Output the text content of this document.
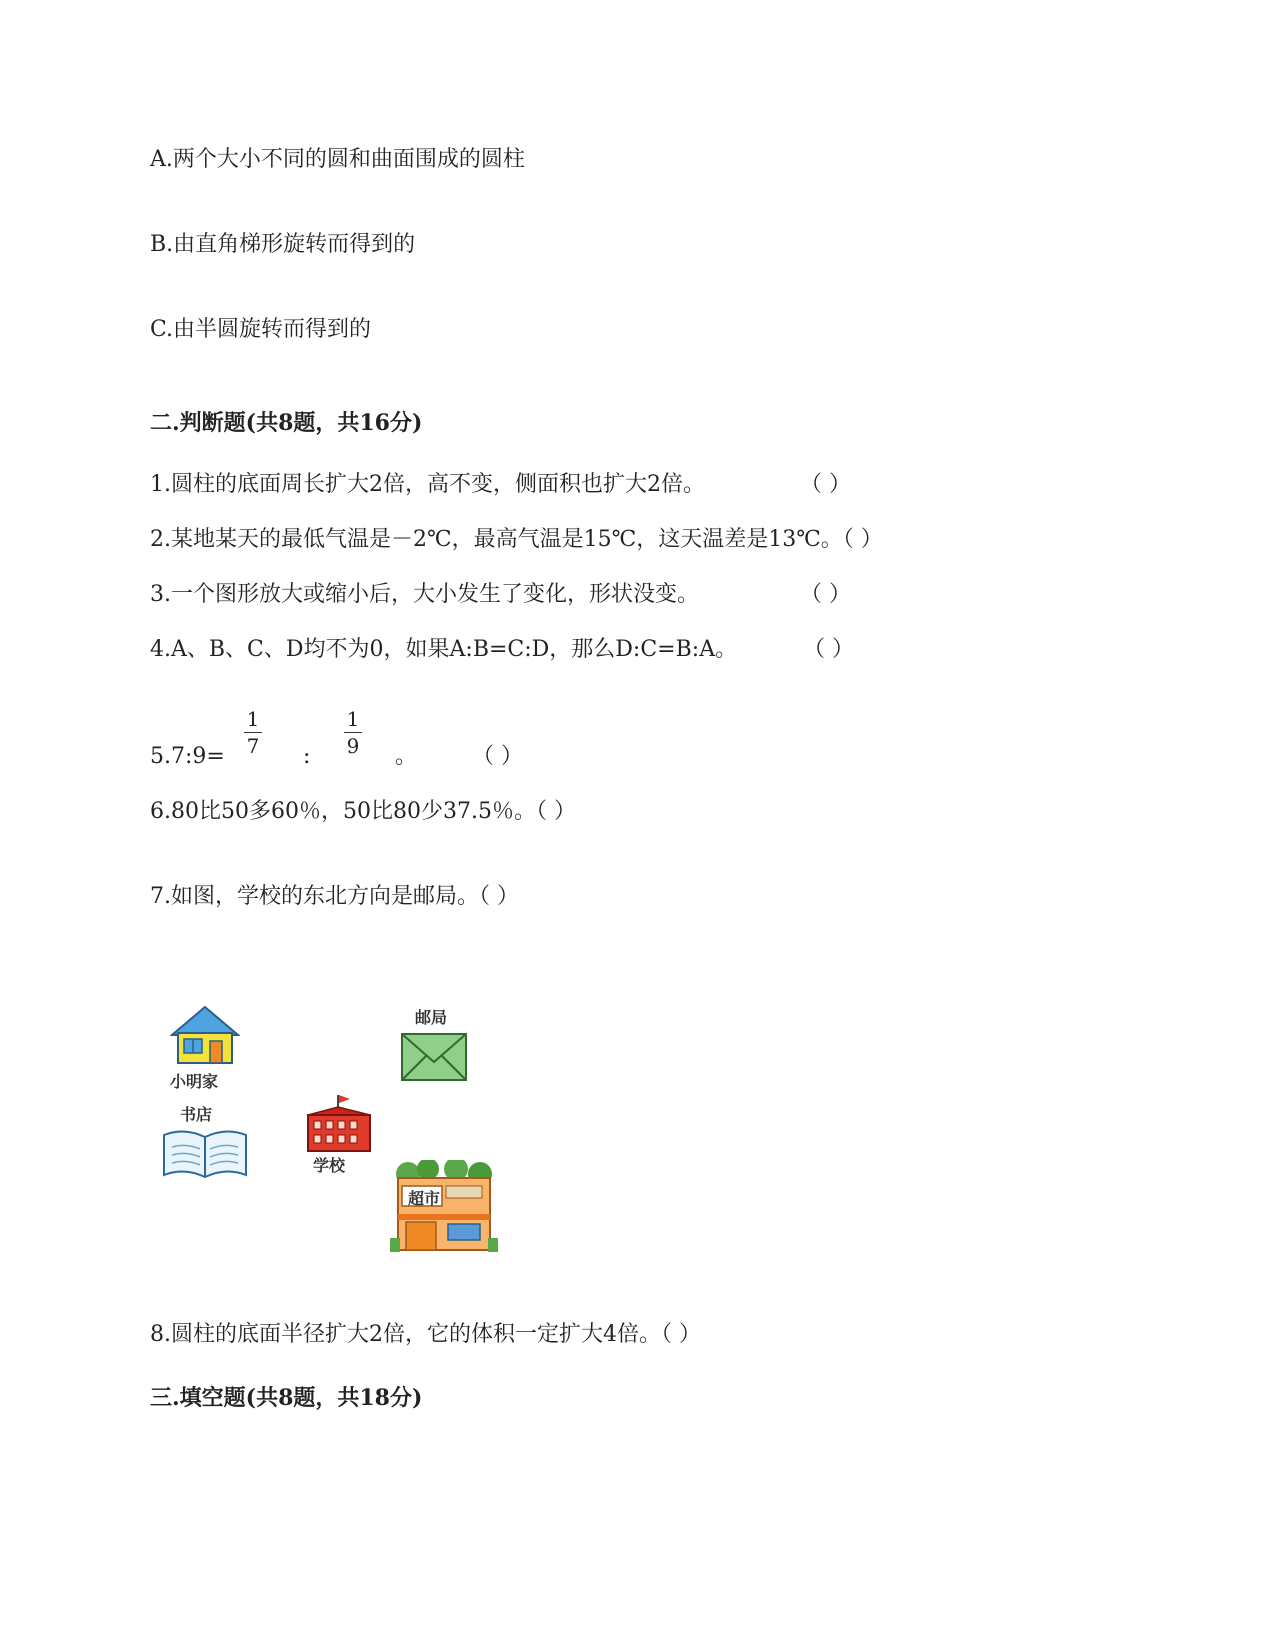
A.两个大小不同的圆和曲面围成的圆柱
B.由直角梯形旋转而得到的
C.由半圆旋转而得到的
二.判断题(共8题，共16分)
1.圆柱的底面周长扩大2倍，高不变，侧面积也扩大2倍。	（ ）
2.某地某天的最低气温是－2℃，最高气温是15℃，这天温差是13℃。（ ）
3.一个图形放大或缩小后，大小发生了变化，形状没变。	（ ）
4.A、B、C、D均不为0，如果A:B=C:D，那么D:C=B:A。	（ ）
5.7:9=
1
7 :
1
9 。 （ ）
6.80比50多60％，50比80少37.5％。（ ）
7.如图，学校的东北方向是邮局。（ ）
小明家
邮局
书店
学校
超市
8.圆柱的底面半径扩大2倍，它的体积一定扩大4倍。（ ）
三.填空题(共8题，共18分)
